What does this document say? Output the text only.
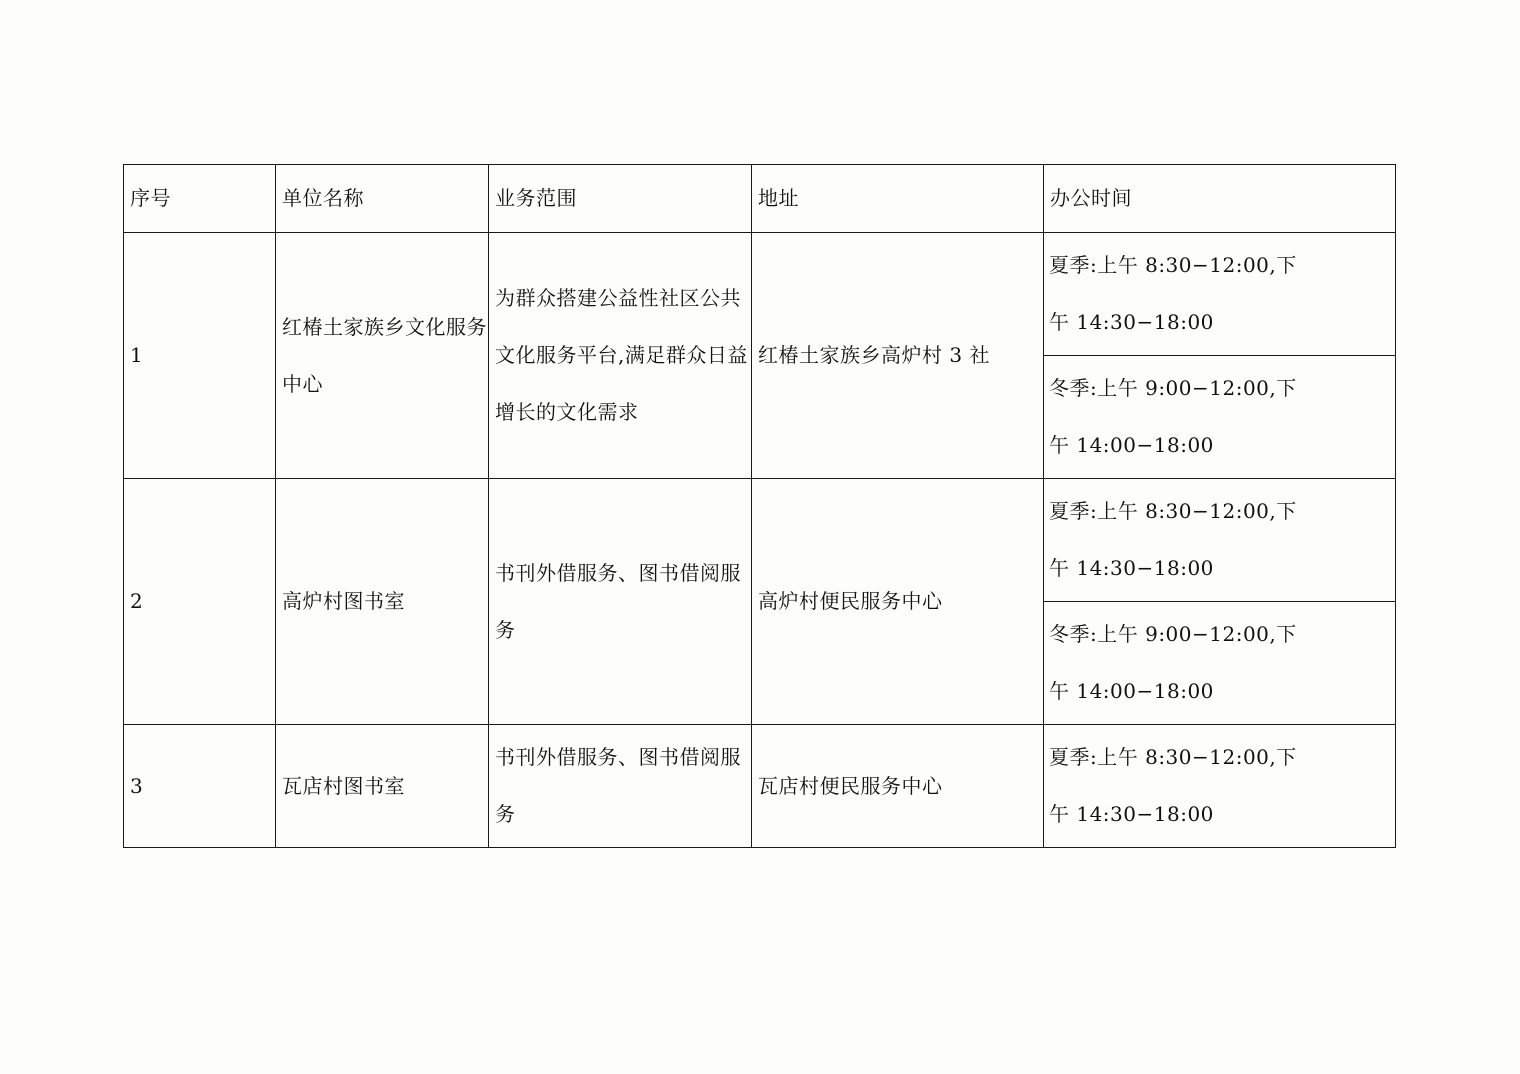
序号	单位名称	业务范围	地址	办公时间

1	红椿土家族乡文化服务中心	为群众搭建公益性社区公共文化服务平台,满足群众日益增长的文化需求	红椿土家族乡高炉村 3 社	夏季:上午 8:30−12:00,下午 14:30−18:00

				冬季:上午 9:00−12:00,下午 14:00−18:00

2	高炉村图书室	书刊外借服务、图书借阅服务	高炉村便民服务中心	夏季:上午 8:30−12:00,下午 14:30−18:00

				冬季:上午 9:00−12:00,下午 14:00−18:00

3	瓦店村图书室	书刊外借服务、图书借阅服务	瓦店村便民服务中心	夏季:上午 8:30−12:00,下午 14:30−18:00
